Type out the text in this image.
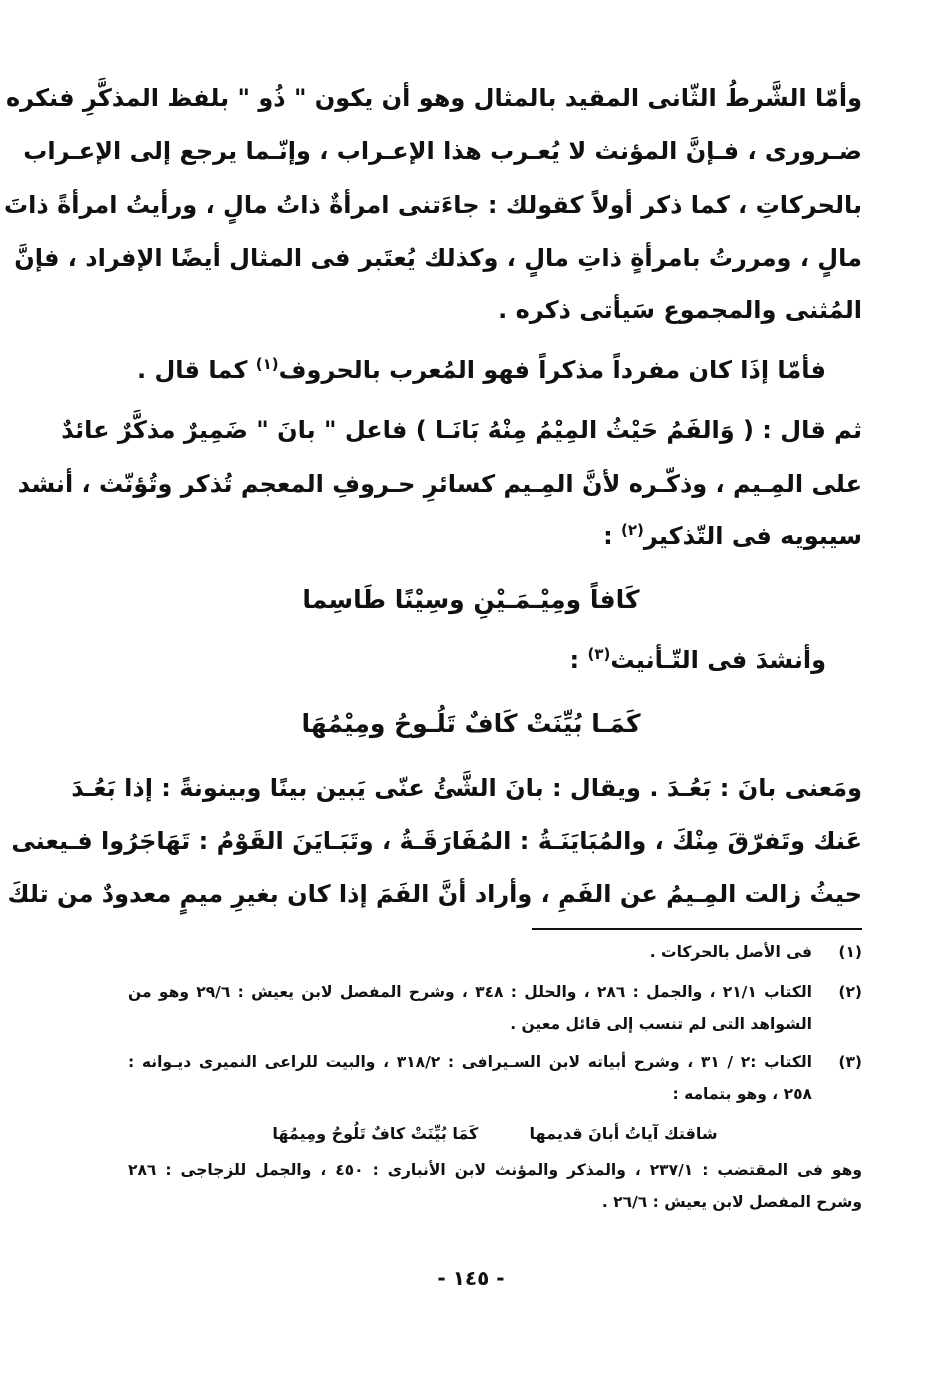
وأمّا الشَّرطُ الثّانى المقيد بالمثال وهو أن يكون " ذُو " بلفظ المذكَّرِ فنكره
ضـرورى ، فـإنَّ المؤنث لا يُعـرب هذا الإعـراب ، وإنّـما يرجع إلى الإعـراب
بالحركاتِ ، كما ذكر أولاً كقولك : جاءَتنى امرأةٌ ذاتُ مالٍ ، ورأيتُ امرأةً ذاتَ
مالٍ ، ومررتُ بامرأةٍ ذاتِ مالٍ ، وكذلك يُعتَبر فى المثال أيضًا الإفراد ، فإنَّ
المُثنى والمجموع سَيأتى ذكره .
فأمّا إذَا كان مفرداً مذكراً فهو المُعرب بالحروف$^{(١)}$ كما قال .
ثم قال : ( وَالفَمُ حَيْثُ المِيْمُ مِنْهُ بَانَـا ) فاعل " بانَ " ضَمِيرٌ مذكَّرٌ عائدٌ
على المِـيم ، وذكّـره لأنَّ المِـيم كسائرِ حـروفِ المعجم تُذكر وتُؤنّث ، أنشد
سيبويه فى التّذكير$^{(٢)}$ :
كَافاً ومِيْـمَـيْنِ وسِيْنًا طَاسِما
وأنشدَ فى التّـأنيث$^{(٣)}$ :
كَمَـا بُيِّنَتْ كَافٌ تَلُـوحُ ومِيْمُهَا
ومَعنى بانَ : بَعُـدَ . ويقال : بانَ الشَّئُ عنّى يَبين بينًا وبينونةً : إذا بَعُـدَ
عَنك وتَفرّقَ مِنْكَ ، والمُبَايَنَـةُ : المُفَارَقَـةُ ، وتَبَـايَنَ القَوْمُ : تَهَاجَرُوا فـيعنى
حيثُ زالت المِـيمُ عن الفَمِ ، وأراد أنَّ الفَمَ إذا كان بغيرِ ميمٍ معدودٌ من تلكَ
(١)
فى الأصل بالحركات .
(٢)
الكتاب ٢١/١ ، والجمل : ٢٨٦ ، والحلل : ٣٤٨ ، وشرح المفصل لابن يعيش : ٢٩/٦ وهو من
الشواهد التى لم تنسب إلى قائل معين .
(٣)
الكتاب :٢ / ٣١ ، وشرح أبياته لابن السـيرافى : ٣١٨/٢ ، والبيت للراعى النميرى ديـوانه :
٢٥٨ ، وهو بتمامه :
شاقتك آياتُ أبانَ قديمها  كَمَا بُيِّنَتْ كافٌ تَلُوحُ ومِيمُهَا
وهو فى المقتضب : ٢٣٧/١ ، والمذكر والمؤنث لابن الأنبارى : ٤٥٠ ، والجمل للزجاجى : ٢٨٦
وشرح المفصل لابن يعيش : ٢٦/٦ .
- ١٤٥ -
